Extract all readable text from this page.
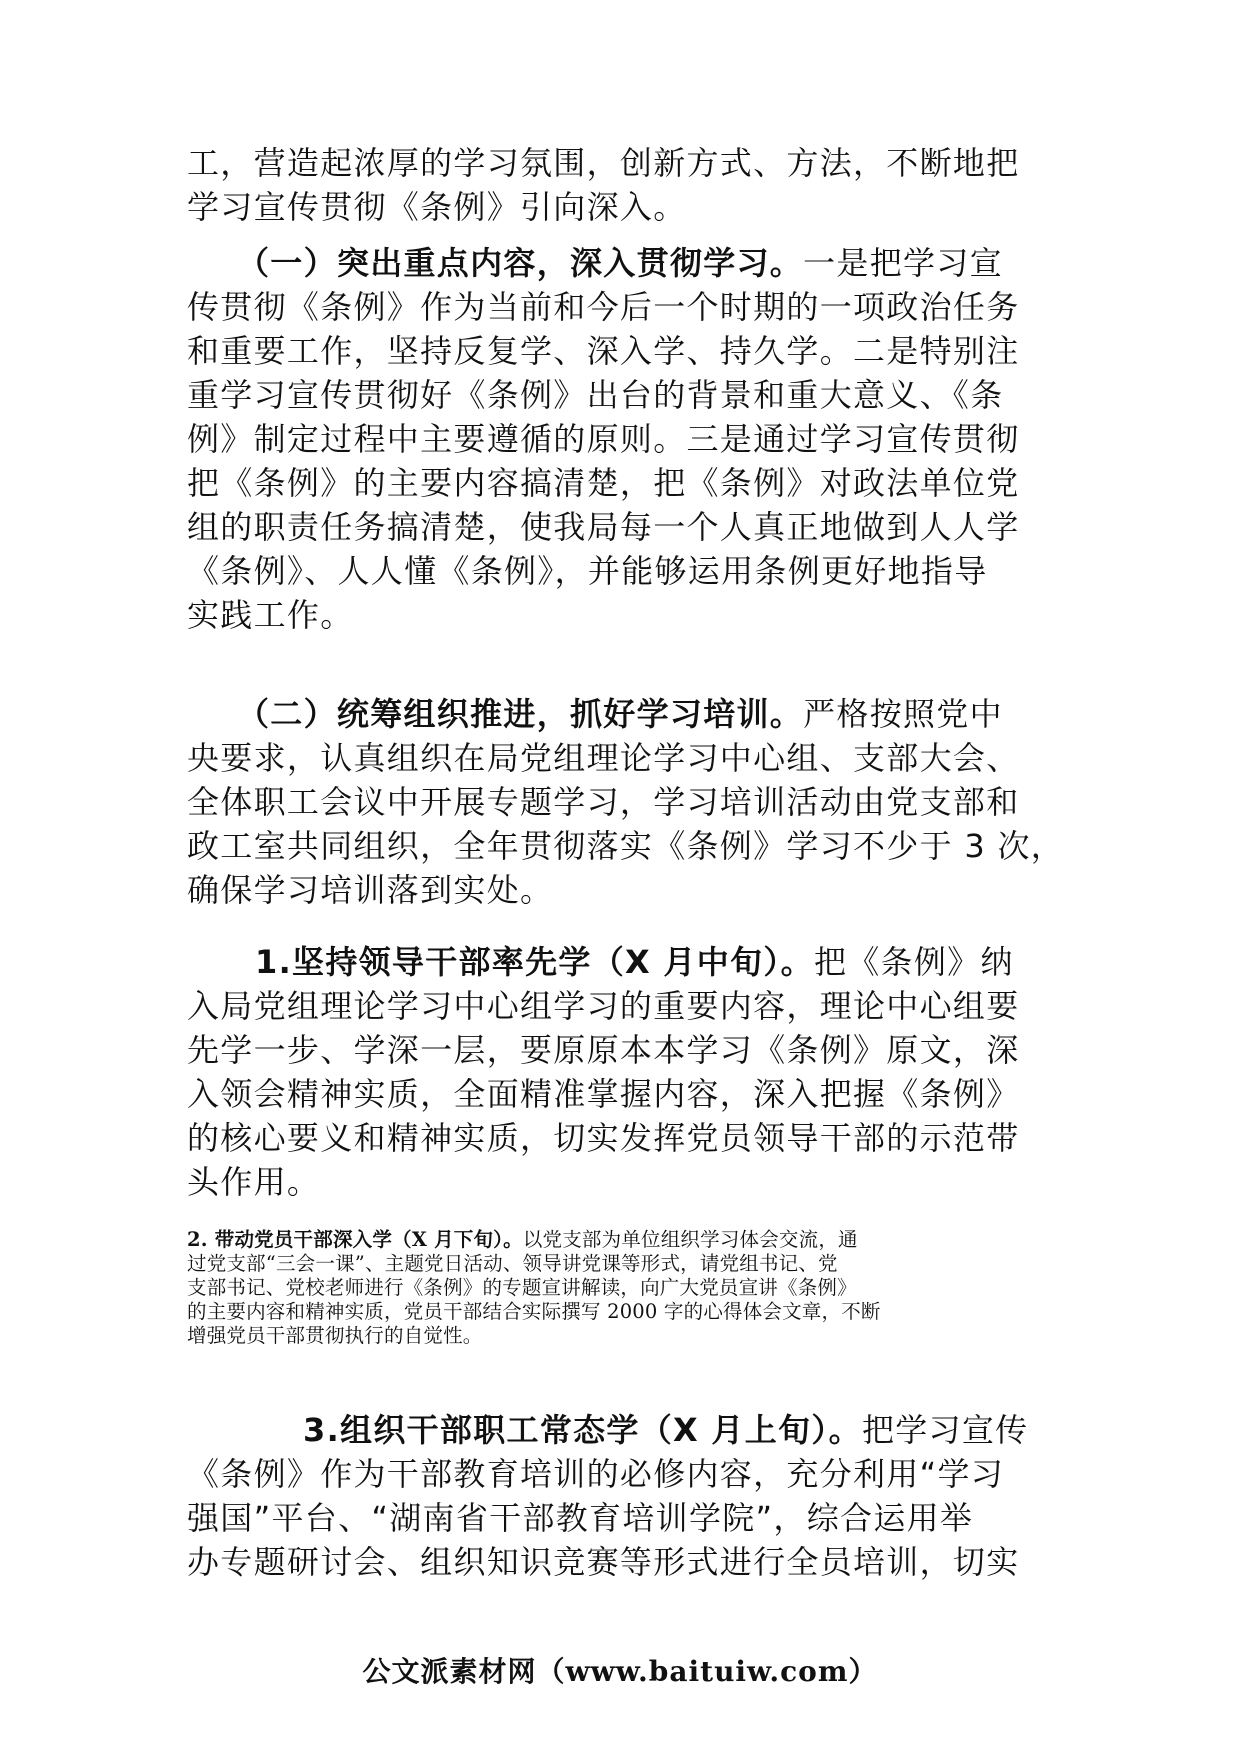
工，营造起浓厚的学习氛围，创新方式、方法，不断地把
学习宣传贯彻《条例》引向深入。
（一）突出重点内容，深入贯彻学习。一是把学习宣
传贯彻《条例》作为当前和今后一个时期的一项政治任务
和重要工作，坚持反复学、深入学、持久学。二是特别注
重学习宣传贯彻好《条例》出台的背景和重大意义、《条
例》制定过程中主要遵循的原则。三是通过学习宣传贯彻
把《条例》的主要内容搞清楚，把《条例》对政法单位党
组的职责任务搞清楚，使我局每一个人真正地做到人人学
《条例》、人人懂《条例》，并能够运用条例更好地指导
实践工作。
（二）统筹组织推进，抓好学习培训。严格按照党中
央要求，认真组织在局党组理论学习中心组、支部大会、
全体职工会议中开展专题学习，学习培训活动由党支部和
政工室共同组织，全年贯彻落实《条例》学习不少于 3 次，
确保学习培训落到实处。
1.坚持领导干部率先学（X 月中旬）。把《条例》纳
入局党组理论学习中心组学习的重要内容，理论中心组要
先学一步、学深一层，要原原本本学习《条例》原文，深
入领会精神实质，全面精准掌握内容，深入把握《条例》
的核心要义和精神实质，切实发挥党员领导干部的示范带
头作用。
2. 带动党员干部深入学（X 月下旬）。以党支部为单位组织学习体会交流，通
过党支部“三会一课”、主题党日活动、领导讲党课等形式，请党组书记、党
支部书记、党校老师进行《条例》的专题宣讲解读，向广大党员宣讲《条例》
的主要内容和精神实质，党员干部结合实际撰写 2000 字的心得体会文章，不断
增强党员干部贯彻执行的自觉性。
3.组织干部职工常态学（X 月上旬）。把学习宣传
《条例》作为干部教育培训的必修内容，充分利用“学习
强国”平台、“湖南省干部教育培训学院”，综合运用举
办专题研讨会、组织知识竞赛等形式进行全员培训，切实
公文派素材网（www.baituiw.com）
